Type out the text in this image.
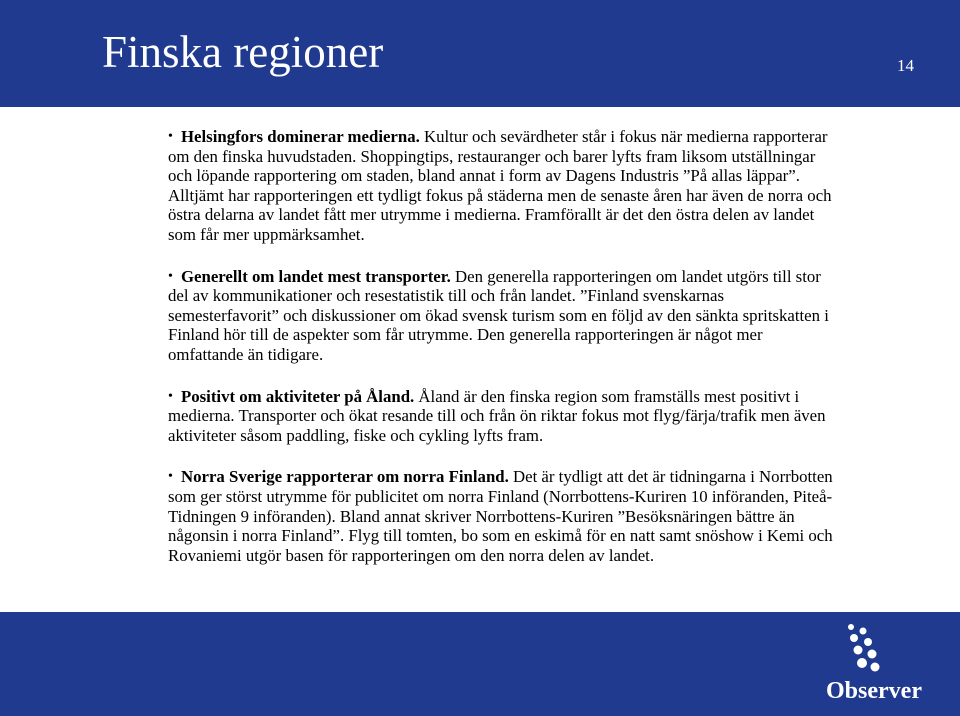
Finska regioner	14

• Helsingfors dominerar medierna. Kultur och sevärdheter står i fokus när medierna rapporterar om den finska huvudstaden. Shoppingtips, restauranger och barer lyfts fram liksom utställningar och löpande rapportering om staden, bland annat i form av Dagens Industris ”På allas läppar”. Alltjämt har rapporteringen ett tydligt fokus på städerna men de senaste åren har även de norra och östra delarna av landet fått mer utrymme i medierna. Framförallt är det den östra delen av landet som får mer uppmärksamhet.

• Generellt om landet mest transporter. Den generella rapporteringen om landet utgörs till stor del av kommunikationer och resestatistik till och från landet. ”Finland svenskarnas semesterfavorit” och diskussioner om ökad svensk turism som en följd av den sänkta spritskatten i Finland hör till de aspekter som får utrymme. Den generella rapporteringen är något mer omfattande än tidigare.

• Positivt om aktiviteter på Åland. Åland är den finska region som framställs mest positivt i medierna. Transporter och ökat resande till och från ön riktar fokus mot flyg/färja/trafik men även aktiviteter såsom paddling, fiske och cykling lyfts fram.

• Norra Sverige rapporterar om norra Finland. Det är tydligt att det är tidningarna i Norrbotten som ger störst utrymme för publicitet om norra Finland (Norrbottens-Kuriren 10 införanden, Piteå-Tidningen 9 införanden). Bland annat skriver Norrbottens-Kuriren ”Besöksnäringen bättre än någonsin i norra Finland”. Flyg till tomten, bo som en eskimå för en natt samt snöshow i Kemi och Rovaniemi utgör basen för rapporteringen om den norra delen av landet.

Observer
